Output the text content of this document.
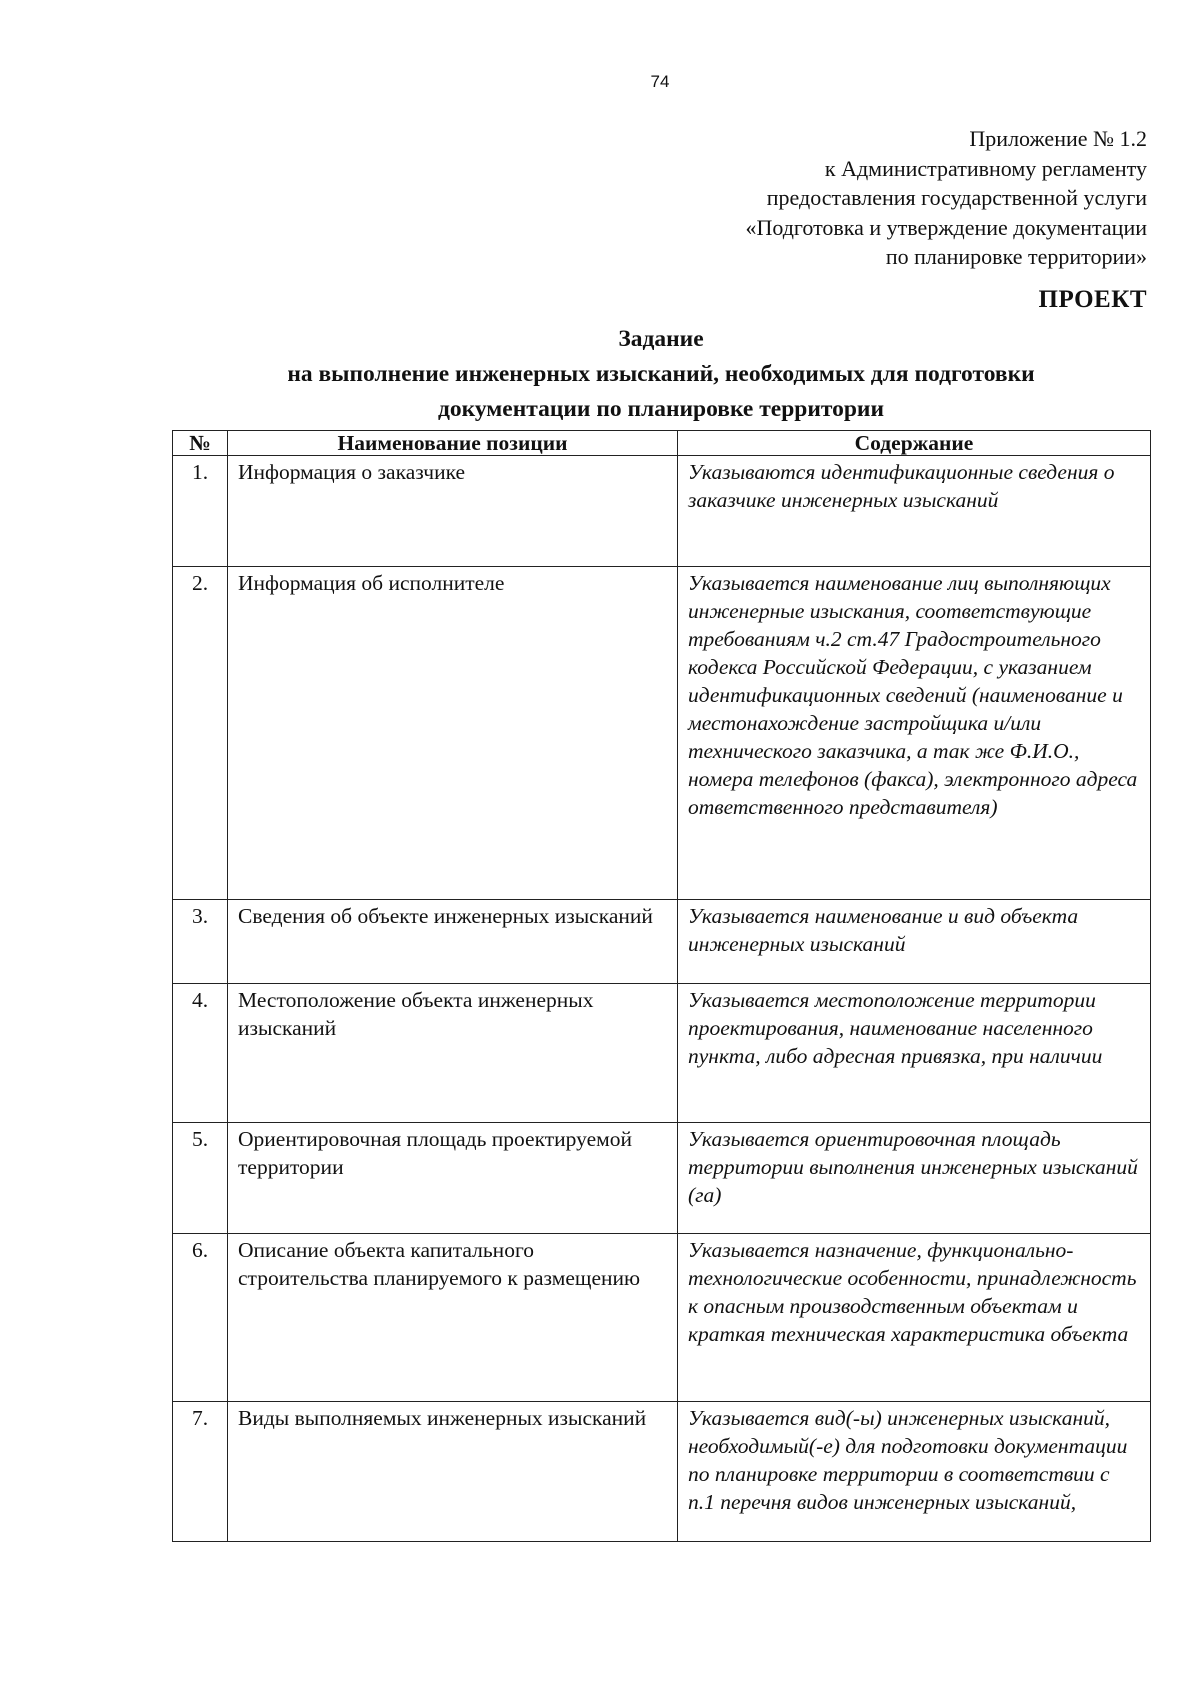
74
Приложение № 1.2
к Административному регламенту
предоставления государственной услуги
«Подготовка и утверждение документации
по планировке территории»
ПРОЕКТ
Задание
на выполнение инженерных изысканий, необходимых для подготовки
документации по планировке территории
№	Наименование позиции	Содержание
1.	Информация о заказчике	Указываются идентификационные сведения о заказчике инженерных изысканий
2.	Информация об исполнителе	Указывается наименование лиц выполняющих инженерные изыскания, соответствующие требованиям ч.2 ст.47 Градостроительного кодекса Российской Федерации, с указанием идентификационных сведений (наименование и местонахождение застройщика и/или технического заказчика, а так же Ф.И.О., номера телефонов (факса), электронного адреса ответственного представителя)
3.	Сведения об объекте инженерных изысканий	Указывается наименование и вид объекта инженерных изысканий
4.	Местоположение объекта инженерных изысканий	Указывается местоположение территории проектирования, наименование населенного пункта, либо адресная привязка, при наличии
5.	Ориентировочная площадь проектируемой территории	Указывается ориентировочная площадь территории выполнения инженерных изысканий (га)
6.	Описание объекта капитального строительства планируемого к размещению	Указывается назначение, функционально-технологические особенности, принадлежность к опасным производственным объектам и краткая техническая характеристика объекта
7.	Виды выполняемых инженерных изысканий	Указывается вид(-ы) инженерных изысканий, необходимый(-е) для подготовки документации по планировке территории в соответствии с п.1 перечня видов инженерных изысканий,
